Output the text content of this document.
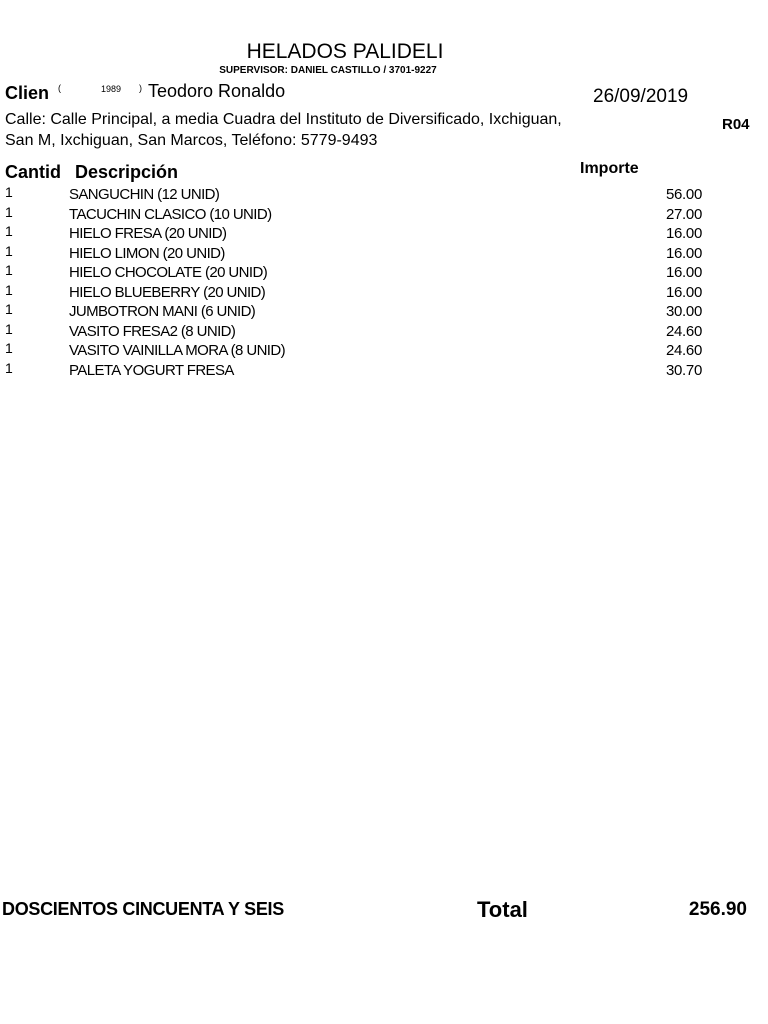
HELADOS PALIDELI
SUPERVISOR: DANIEL CASTILLO / 3701-9227
Clien (	1989 ) Teodoro Ronaldo	26/09/2019
Calle: Calle Principal, a media Cuadra del Instituto de Diversificado, Ixchiguan,
San M, Ixchiguan, San Marcos, Teléfono: 5779-9493
R04
Cantid Descripción	Importe
1	SANGUCHIN (12 UNID)	56.00
1	TACUCHIN CLASICO (10 UNID)	27.00
1	HIELO FRESA (20 UNID)	16.00
1	HIELO LIMON (20 UNID)	16.00
1	HIELO CHOCOLATE (20 UNID)	16.00
1	HIELO BLUEBERRY (20 UNID)	16.00
1	JUMBOTRON MANI (6 UNID)	30.00
1	VASITO FRESA2 (8 UNID)	24.60
1	VASITO VAINILLA MORA (8 UNID)	24.60
1	PALETA YOGURT FRESA	30.70
DOSCIENTOS CINCUENTA Y SEIS	Total	256.90
